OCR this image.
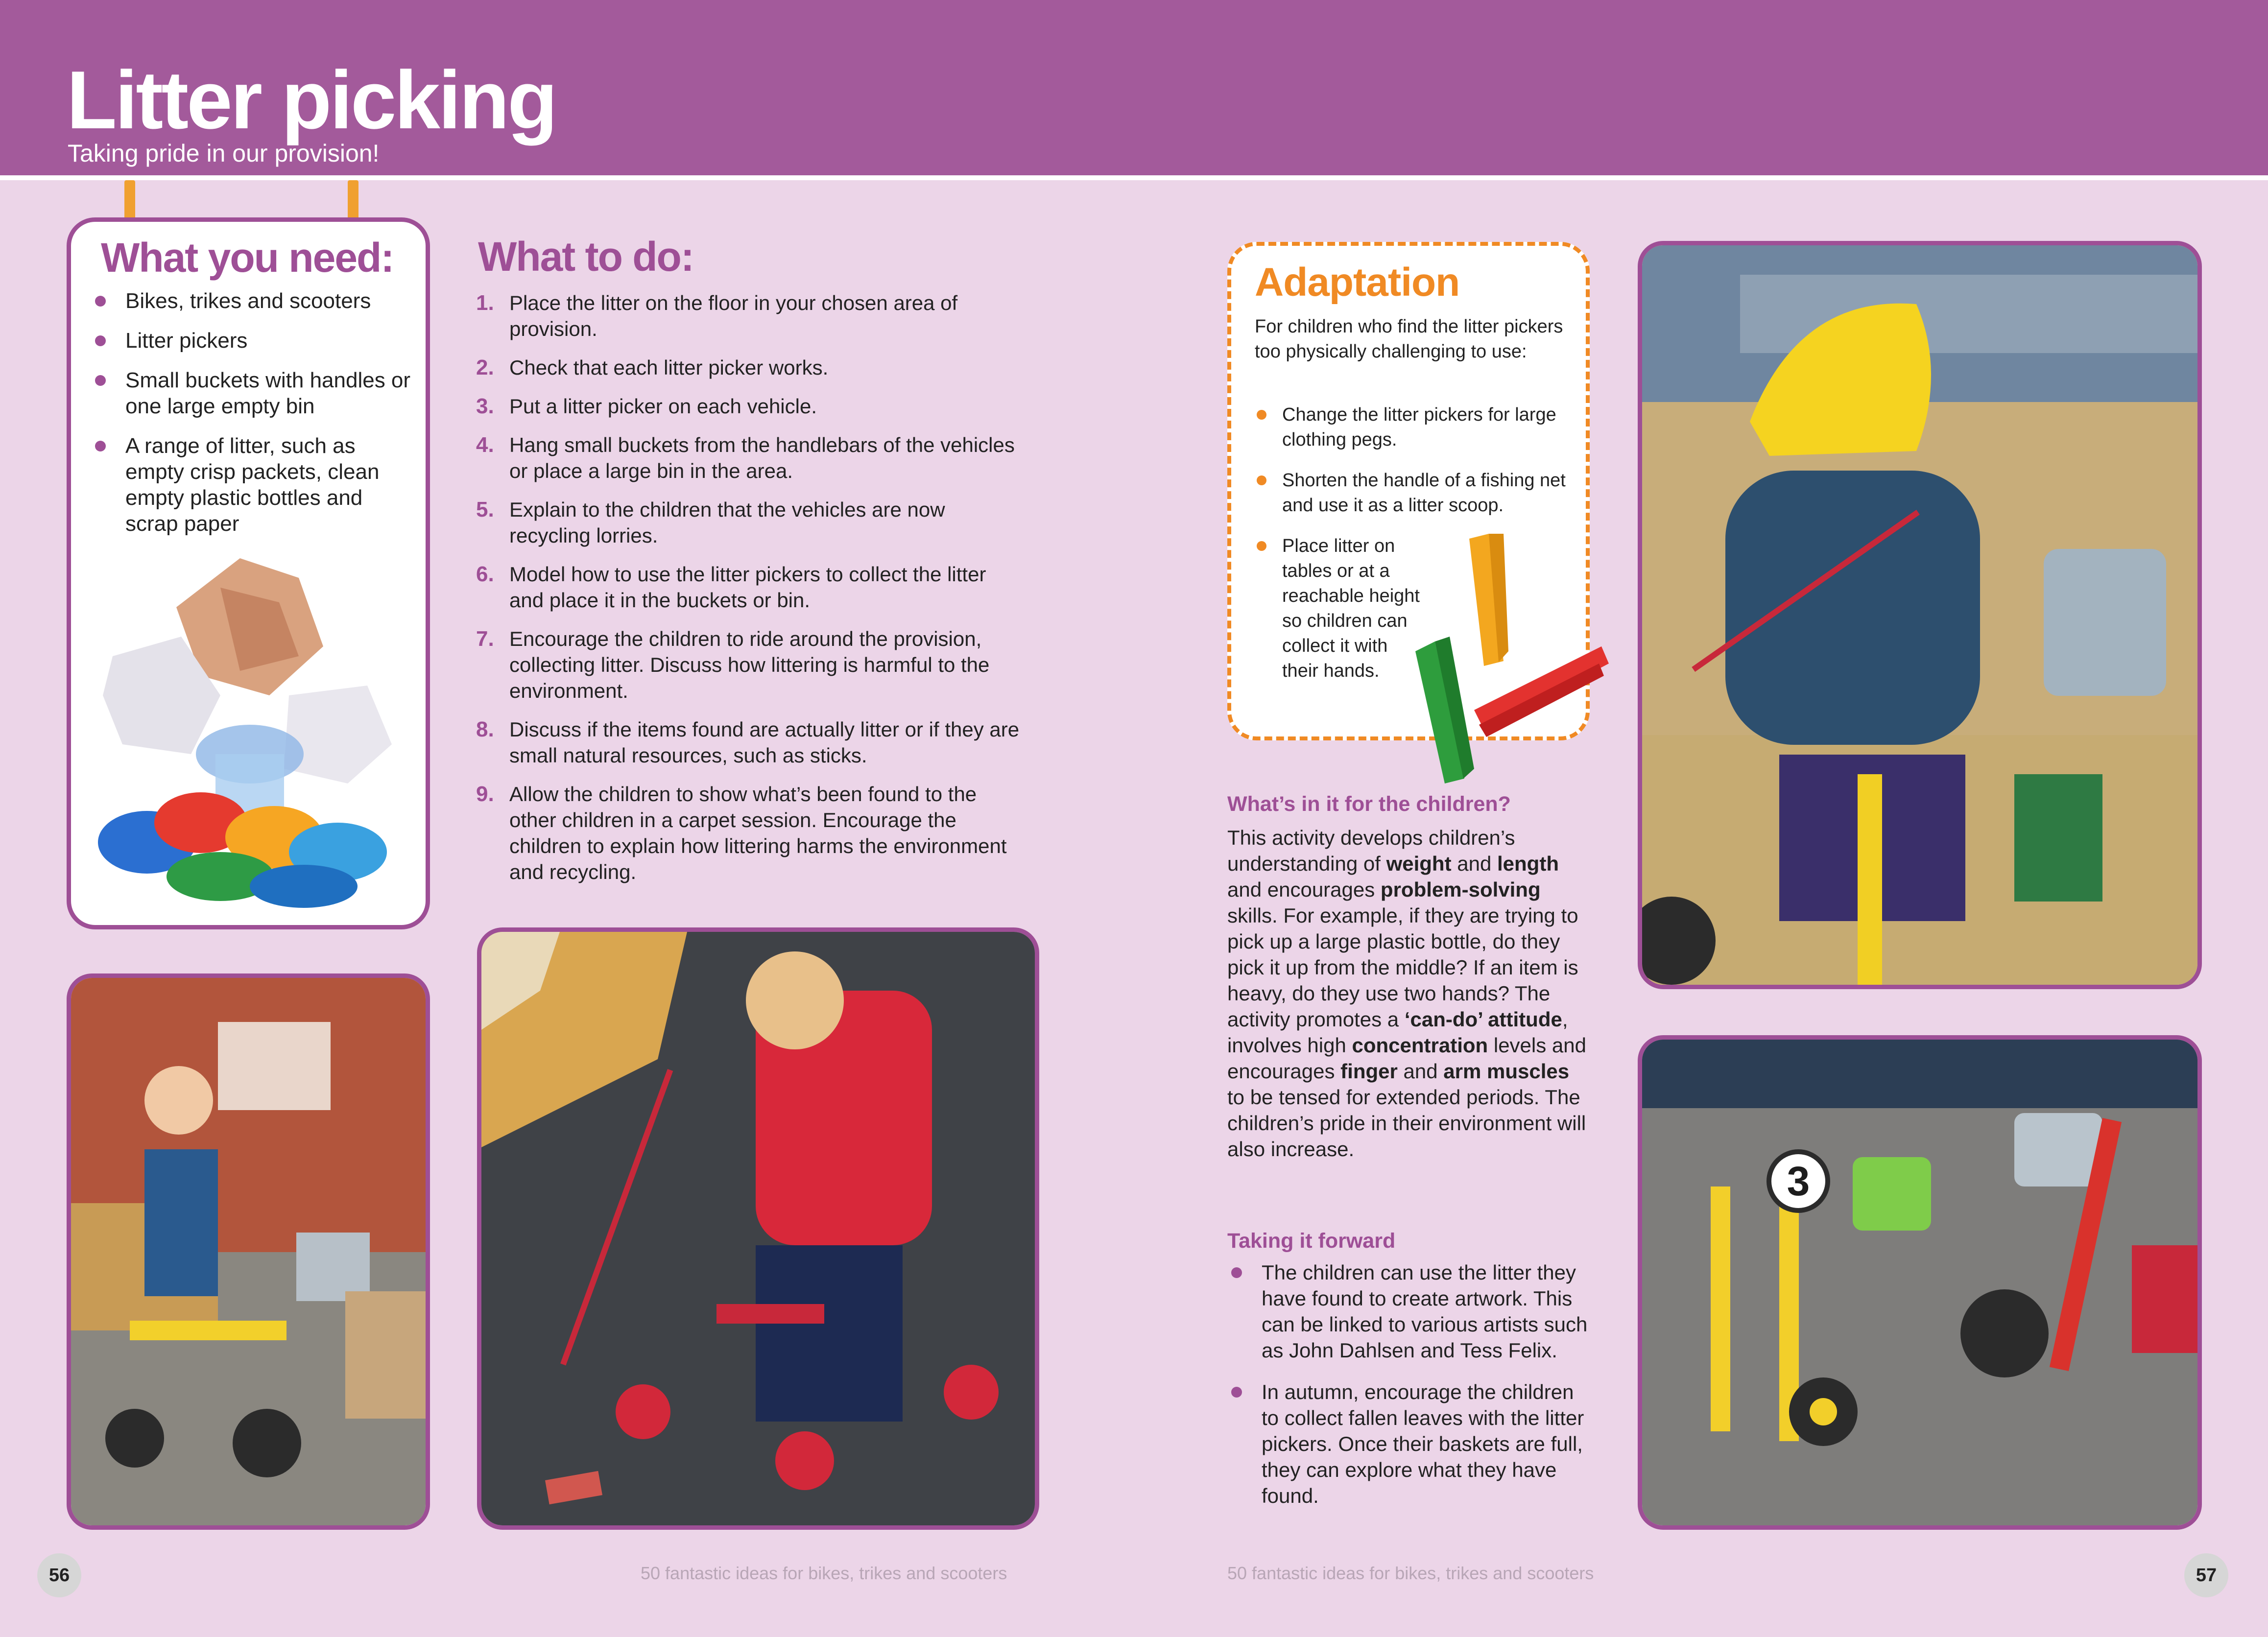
Litter picking
Taking pride in our provision!
What you need:
Bikes, trikes and scooters
Litter pickers
Small buckets with handles or one large empty bin
A range of litter, such as empty crisp packets, clean empty plastic bottles and scrap paper
What to do:
1. Place the litter on the floor in your chosen area of provision.
2. Check that each litter picker works.
3. Put a litter picker on each vehicle.
4. Hang small buckets from the handlebars of the vehicles or place a large bin in the area.
5. Explain to the children that the vehicles are now recycling lorries.
6. Model how to use the litter pickers to collect the litter and place it in the buckets or bin.
7. Encourage the children to ride around the provision, collecting litter. Discuss how littering is harmful to the environment.
8. Discuss if the items found are actually litter or if they are small natural resources, such as sticks.
9. Allow the children to show what’s been found to the other children in a carpet session. Encourage the children to explain how littering harms the environment and recycling.
Adaptation
For children who find the litter pickers too physically challenging to use:
Change the litter pickers for large clothing pegs.
Shorten the handle of a fishing net and use it as a litter scoop.
Place litter on tables or at a reachable height so children can collect it with their hands.
What’s in it for the children?
This activity develops children’s understanding of weight and length and encourages problem-solving skills. For example, if they are trying to pick up a large plastic bottle, do they pick it up from the middle? If an item is heavy, do they use two hands? The activity promotes a ‘can-do’ attitude, involves high concentration levels and encourages finger and arm muscles to be tensed for extended periods. The children’s pride in their environment will also increase.
Taking it forward
The children can use the litter they have found to create artwork. This can be linked to various artists such as John Dahlsen and Tess Felix.
In autumn, encourage the children to collect fallen leaves with the litter pickers. Once their baskets are full, they can explore what they have found.
3
56	50 fantastic ideas for bikes, trikes and scooters	50 fantastic ideas for bikes, trikes and scooters	57
